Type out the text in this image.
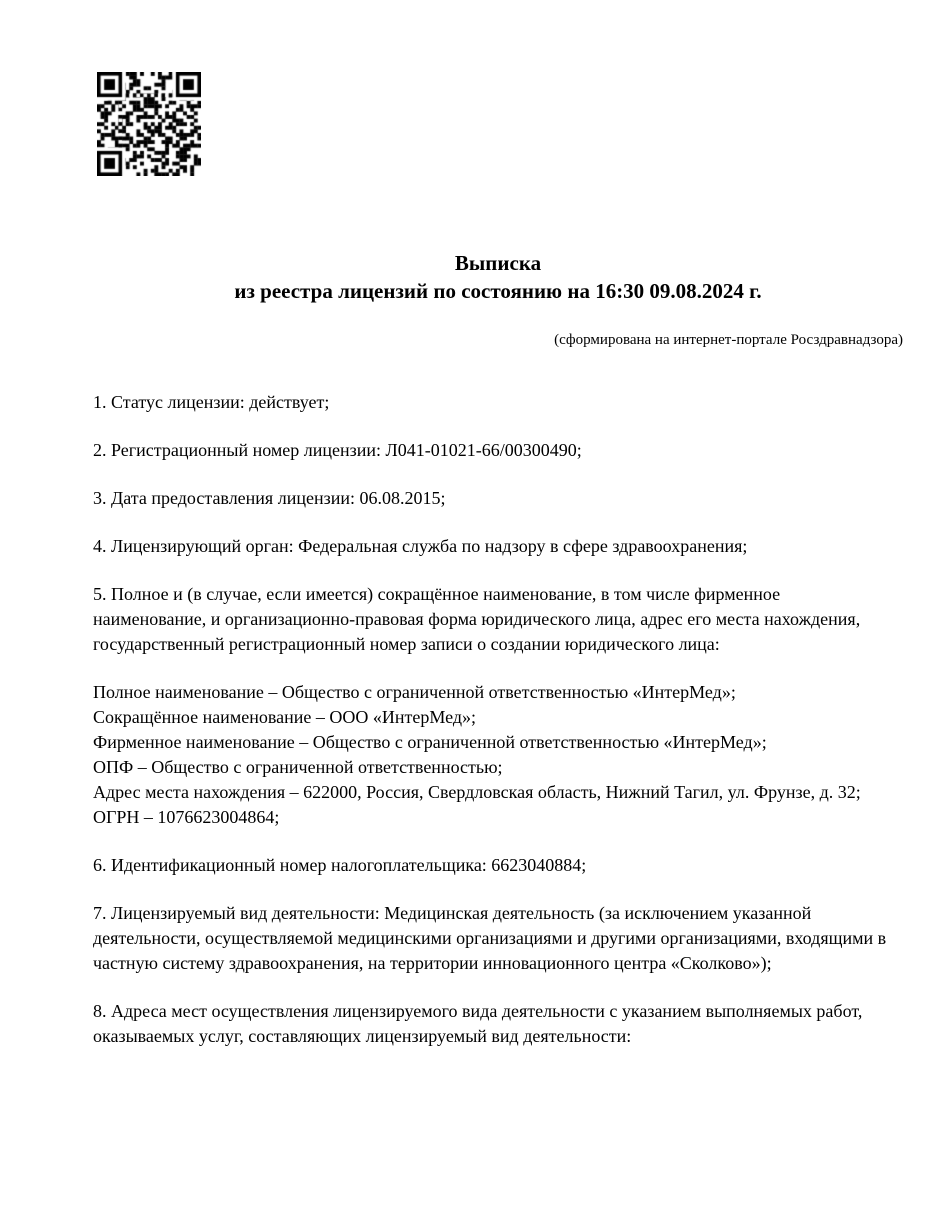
Выписка
из реестра лицензий по состоянию на 16:30 09.08.2024 г.
(сформирована на интернет-портале Росздравнадзора)

1. Статус лицензии: действует;

2. Регистрационный номер лицензии: Л041-01021-66/00300490;

3. Дата предоставления лицензии: 06.08.2015;

4. Лицензирующий орган: Федеральная служба по надзору в сфере здравоохранения;

5. Полное и (в случае, если имеется) сокращённое наименование, в том числе фирменное наименование, и организационно-правовая форма юридического лица, адрес его места нахождения, государственный регистрационный номер записи о создании юридического лица:

Полное наименование – Общество с ограниченной ответственностью «ИнтерМед»;
Сокращённое наименование – ООО «ИнтерМед»;
Фирменное наименование – Общество с ограниченной ответственностью «ИнтерМед»;
ОПФ – Общество с ограниченной ответственностью;
Адрес места нахождения – 622000, Россия, Свердловская область, Нижний Тагил, ул. Фрунзе, д. 32;
ОГРН – 1076623004864;

6. Идентификационный номер налогоплательщика: 6623040884;

7. Лицензируемый вид деятельности: Медицинская деятельность (за исключением указанной деятельности, осуществляемой медицинскими организациями и другими организациями, входящими в частную систему здравоохранения, на территории инновационного центра «Сколково»);

8. Адреса мест осуществления лицензируемого вида деятельности с указанием выполняемых работ, оказываемых услуг, составляющих лицензируемый вид деятельности:
